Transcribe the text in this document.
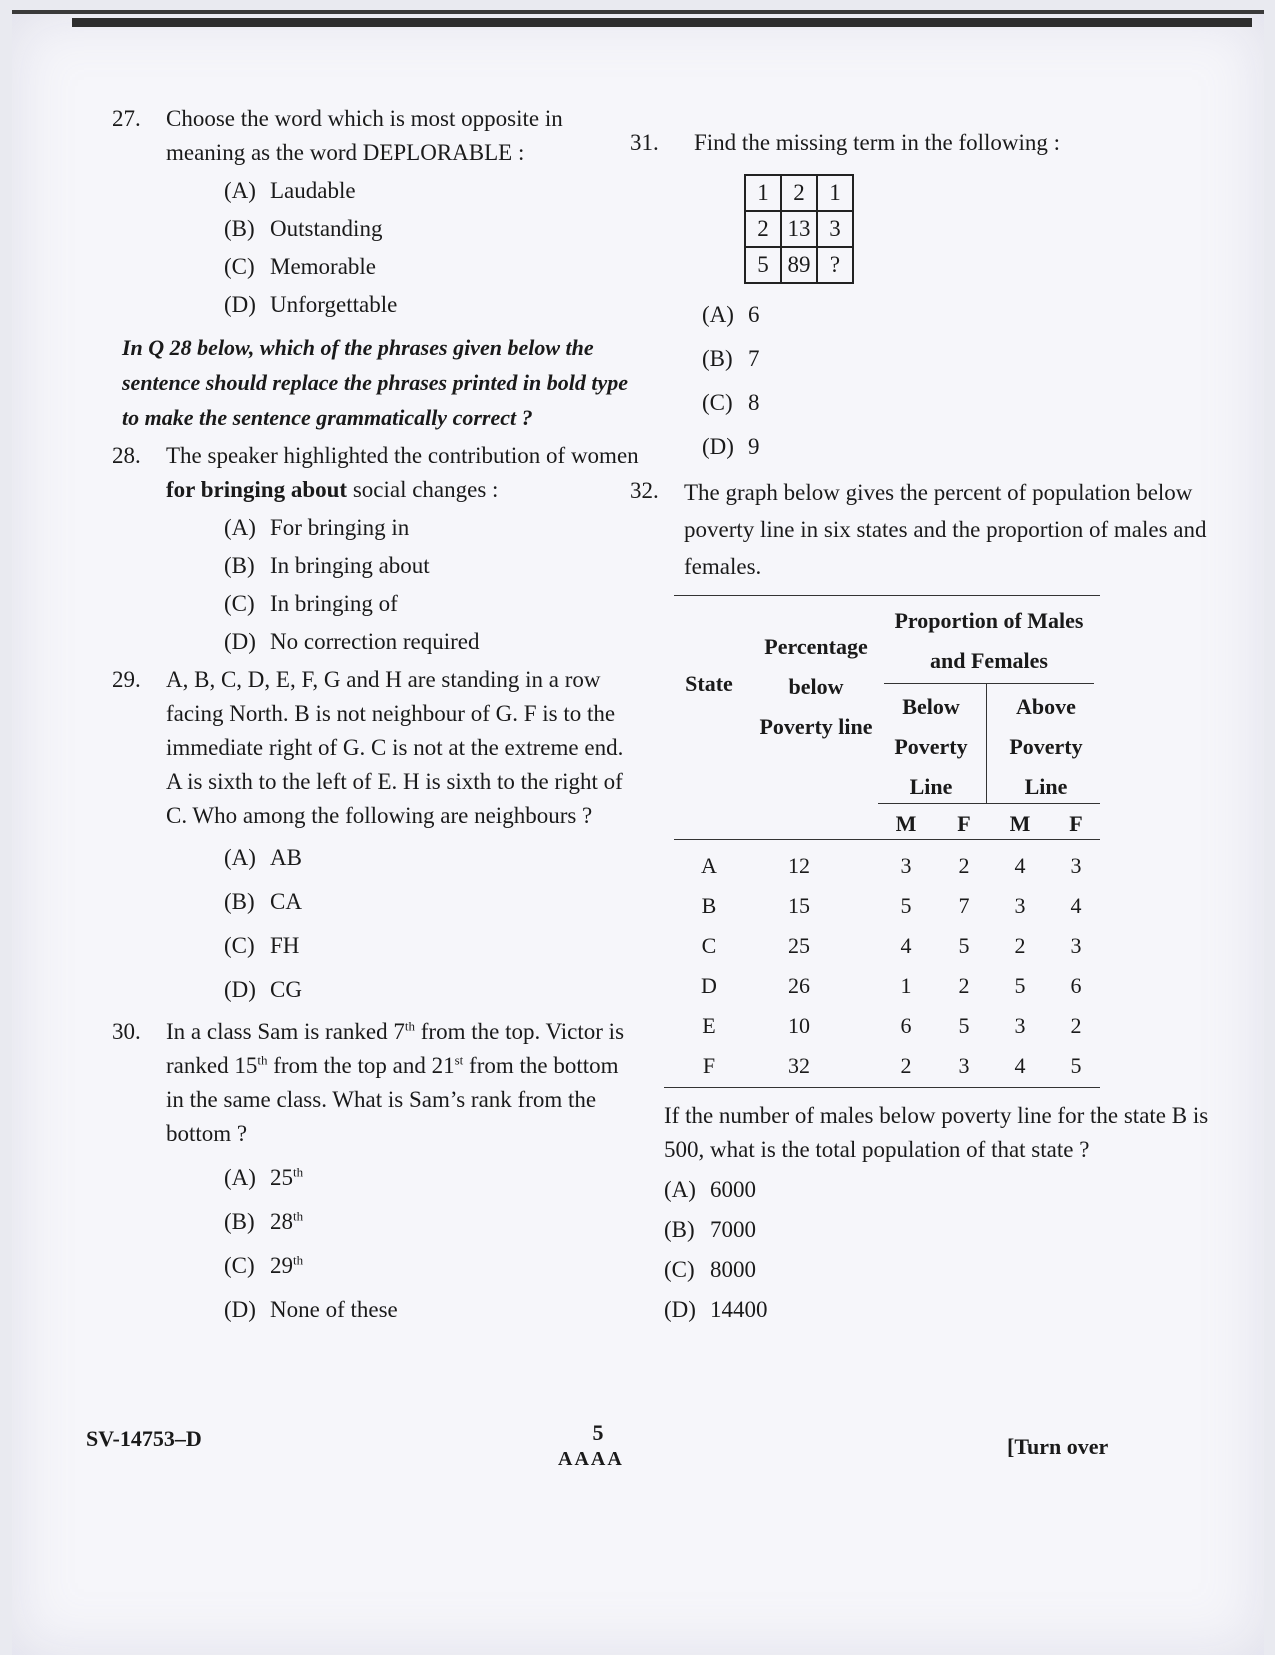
27. Choose the word which is most opposite in meaning as the word DEPLORABLE :
(A) Laudable
(B) Outstanding
(C) Memorable
(D) Unforgettable
In Q 28 below, which of the phrases given below the sentence should replace the phrases printed in bold type to make the sentence grammatically correct ?
28. The speaker highlighted the contribution of women for bringing about social changes :
(A) For bringing in
(B) In bringing about
(C) In bringing of
(D) No correction required
29. A, B, C, D, E, F, G and H are standing in a row facing North. B is not neighbour of G. F is to the immediate right of G. C is not at the extreme end. A is sixth to the left of E. H is sixth to the right of C. Who among the following are neighbours ?
(A) AB
(B) CA
(C) FH
(D) CG
30. In a class Sam is ranked 7th from the top. Victor is ranked 15th from the top and 21st from the bottom in the same class. What is Sam’s rank from the bottom ?
(A) 25th
(B) 28th
(C) 29th
(D) None of these
31. Find the missing term in the following :
1	2	1
2	13	3
5	89	?
(A) 6
(B) 7
(C) 8
(D) 9
32. The graph below gives the percent of population below poverty line in six states and the proportion of males and females.
Proportion of Males
and Females
Percentage
below
Poverty line
State
Below
Poverty
Line
Above
Poverty
Line
M	F	M	F
A	12	3	2	4	3
B	15	5	7	3	4
C	25	4	5	2	3
D	26	1	2	5	6
E	10	6	5	3	2
F	32	2	3	4	5
If the number of males below poverty line for the state B is 500, what is the total population of that state ?
(A) 6000
(B) 7000
(C) 8000
(D) 14400
SV-14753–D	5
AAAA	[Turn over
